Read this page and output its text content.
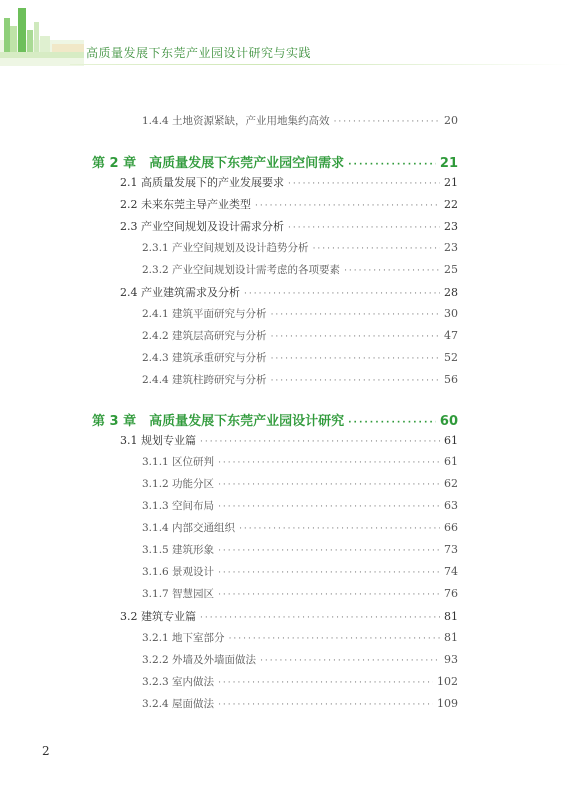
高质量发展下东莞产业园设计研究与实践
1.4.4 土地资源紧缺，产业用地集约高效 ·····	20
第 2 章　高质量发展下东莞产业园空间需求 ·····	21
2.1 高质量发展下的产业发展要求 ·····	21
2.2 未来东莞主导产业类型 ·····	22
2.3 产业空间规划及设计需求分析 ·····	23
2.3.1 产业空间规划及设计趋势分析 ·····	23
2.3.2 产业空间规划设计需考虑的各项要素 ·····	25
2.4 产业建筑需求及分析 ·····	28
2.4.1 建筑平面研究与分析 ·····	30
2.4.2 建筑层高研究与分析 ·····	47
2.4.3 建筑承重研究与分析 ·····	52
2.4.4 建筑柱跨研究与分析 ·····	56
第 3 章　高质量发展下东莞产业园设计研究 ·····	60
3.1 规划专业篇 ·····	61
3.1.1 区位研判 ·····	61
3.1.2 功能分区 ·····	62
3.1.3 空间布局 ·····	63
3.1.4 内部交通组织 ·····	66
3.1.5 建筑形象 ·····	73
3.1.6 景观设计 ·····	74
3.1.7 智慧园区 ·····	76
3.2 建筑专业篇 ·····	81
3.2.1 地下室部分 ·····	81
3.2.2 外墙及外墙面做法 ·····	93
3.2.3 室内做法 ·····	102
3.2.4 屋面做法 ·····	109
2
